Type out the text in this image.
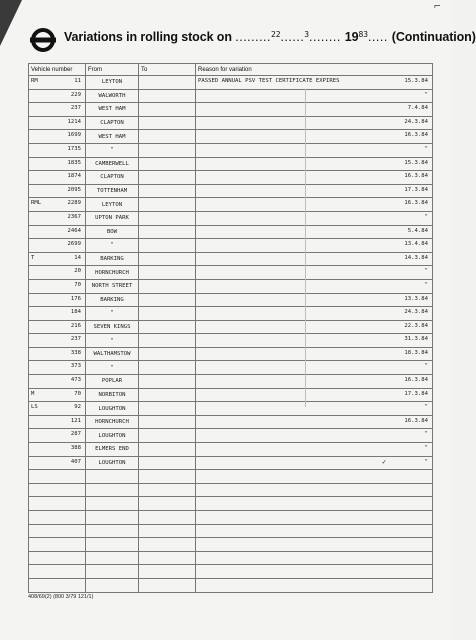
⌐
Variations in rolling stock on .........$^{22}$......$^3$........ $19^{83}$..... (Continuation)
Vehicle number	From	To	Reason for variation

RM 11	LEYTON		PASSED ANNUAL PSV TEST CERTIFICATE EXPIRES 15.3.84

229	WALWORTH		"

237	WEST HAM		7.4.84

1214	CLAPTON		24.3.84

1699	WEST HAM		16.3.84

1735	"		"

1835	CAMBERWELL		15.3.84

1874	CLAPTON		16.3.84

2095	TOTTENHAM		17.3.84

RML 2289	LEYTON		16.3.84

2367	UPTON PARK		"

2464	BOW		5.4.84

2699	"		13.4.84

T 14	BARKING		14.3.84

20	HORNCHURCH		"

70	NORTH STREET		"

176	BARKING		13.3.84

184	"		24.3.84

216	SEVEN KINGS		22.3.84

237	"		31.3.84

338	WALTHAMSTOW		18.3.84

373	"		"

473	POPLAR		16.3.84

M 70	NORBITON		17.3.84

LS 92	LOUGHTON		"

121	HORNCHURCH		16.3.84

287	LOUGHTON		"

388	ELMERS END		"

407	LOUGHTON		✓ "

408/69(2) (800 3/79 121/1)
